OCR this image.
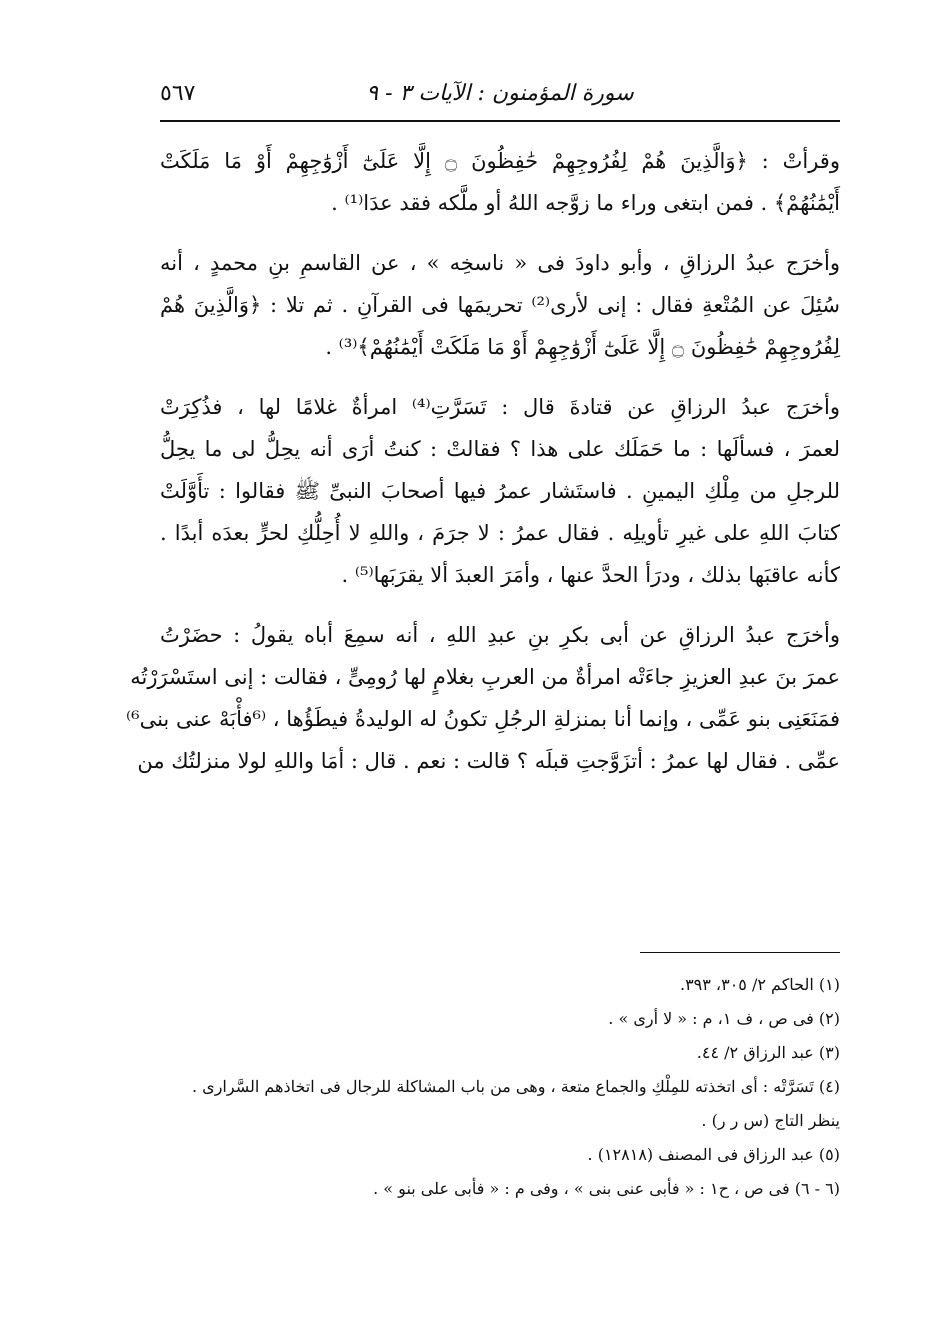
سورة المؤمنون : الآيات ٣ - ٩
٥٦٧

وقرأتْ : ﴿وَالَّذِينَ هُمْ لِفُرُوجِهِمْ حَٰفِظُونَ ۝ إِلَّا عَلَىٰٓ أَزْوَٰجِهِمْ أَوْ مَا مَلَكَتْ
أَيْمَٰنُهُمْ﴾ . فمن ابتغى وراء ما زوَّجه اللهُ أو ملَّكه فقد عدَا⁽¹⁾ .

وأخرَج عبدُ الرزاقِ ، وأبو داودَ فى « ناسخِه » ، عن القاسمِ بنِ محمدٍ ، أنه
سُئِلَ عن المُتْعةِ فقال : إنى لأرى⁽²⁾ تحريمَها فى القرآنِ . ثم تلا : ﴿وَالَّذِينَ هُمْ
لِفُرُوجِهِمْ حَٰفِظُونَ ۝ إِلَّا عَلَىٰٓ أَزْوَٰجِهِمْ أَوْ مَا مَلَكَتْ أَيْمَٰنُهُمْ﴾⁽³⁾ .

وأخرَج عبدُ الرزاقِ عن قتادةَ قال : تَسَرَّتِ⁽⁴⁾ امرأةٌ غلامًا لها ، فذُكِرَتْ
لعمرَ ، فسألَها : ما حَمَلَك على هذا ؟ فقالتْ : كنتُ أرَى أنه يحِلُّ لى ما يحِلُّ
للرجلِ من مِلْكِ اليمينِ . فاستَشار عمرُ فيها أصحابَ النبىِّ ﷺ فقالوا : تأَوَّلَتْ
كتابَ اللهِ على غيرِ تأويلِه . فقال عمرُ : لا جرَمَ ، واللهِ لا أُحِلُّكِ لحرٍّ بعدَه أبدًا .
كأنه عاقبَها بذلك ، ودرَأ الحدَّ عنها ، وأمَرَ العبدَ ألا يقرَبَها⁽⁵⁾ .

وأخرَج عبدُ الرزاقِ عن أبى بكرِ بنِ عبدِ اللهِ ، أنه سمِعَ أباه يقولُ : حضَرْتُ
عمرَ بنَ عبدِ العزيزِ جاءَتْه امرأةٌ من العربِ بغلامٍ لها رُومِىٍّ ، فقالت : إنى استَسْرَرْتُه
فمَنَعَنِى بنو عَمِّى ، وإنما أنا بمنزلةِ الرجُلِ تكونُ له الوليدةُ فيطَؤُها ، ⁽⁶فأْبَهْ عنى بنى⁶⁾
عمِّى . فقال لها عمرُ : أتزَوَّجتِ قبلَه ؟ قالت : نعم . قال : أمَا واللهِ لولا منزلتُك من

(١) الحاكم ٢/ ٣٠٥، ٣٩٣.
(٢) فى ص ، ف ١، م : « لا أرى » .
(٣) عبد الرزاق ٢/ ٤٤.
(٤) تَسَرَّتْه : أى اتخذته للمِلْكِ والجماع متعة ، وهى من باب المشاكلة للرجال فى اتخاذهم السَّرارى .
ينظر التاج (س ر ر) .
(٥) عبد الرزاق فى المصنف (١٢٨١٨) .
(٦ - ٦) فى ص ، ح١ : « فأبى عنى بنى » ، وفى م : « فأبى على بنو » .
